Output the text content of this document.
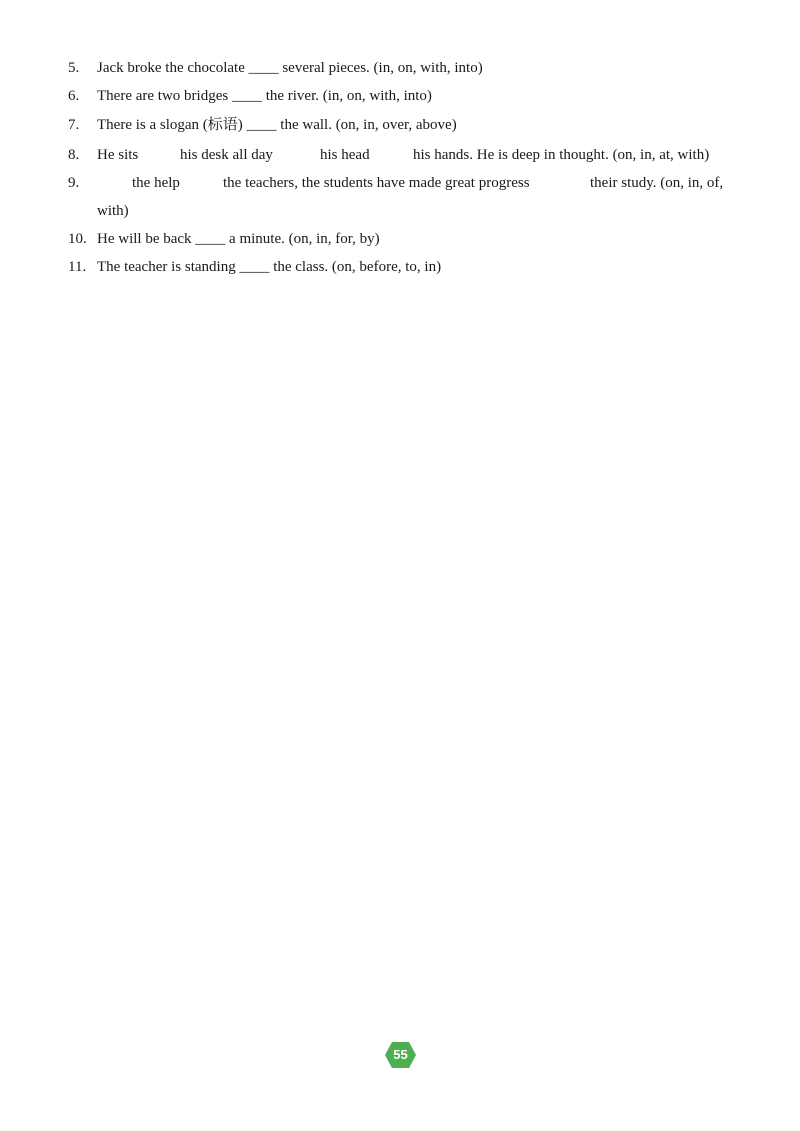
5. Jack broke the chocolate ____ several pieces. (in, on, with, into)
6. There are two bridges ____ the river. (in, on, with, into)
7. There is a slogan (标语) ____ the wall. (on, in, over, above)
8. He sits	his desk all day	his head	his hands. He is deep in thought. (on, in, at, with)
9.	the help	the teachers, the students have made great progress	their study. (on, in, of,
with)
10. He will be back ____ a minute. (on, in, for, by)
11. The teacher is standing ____ the class. (on, before, to, in)
55
